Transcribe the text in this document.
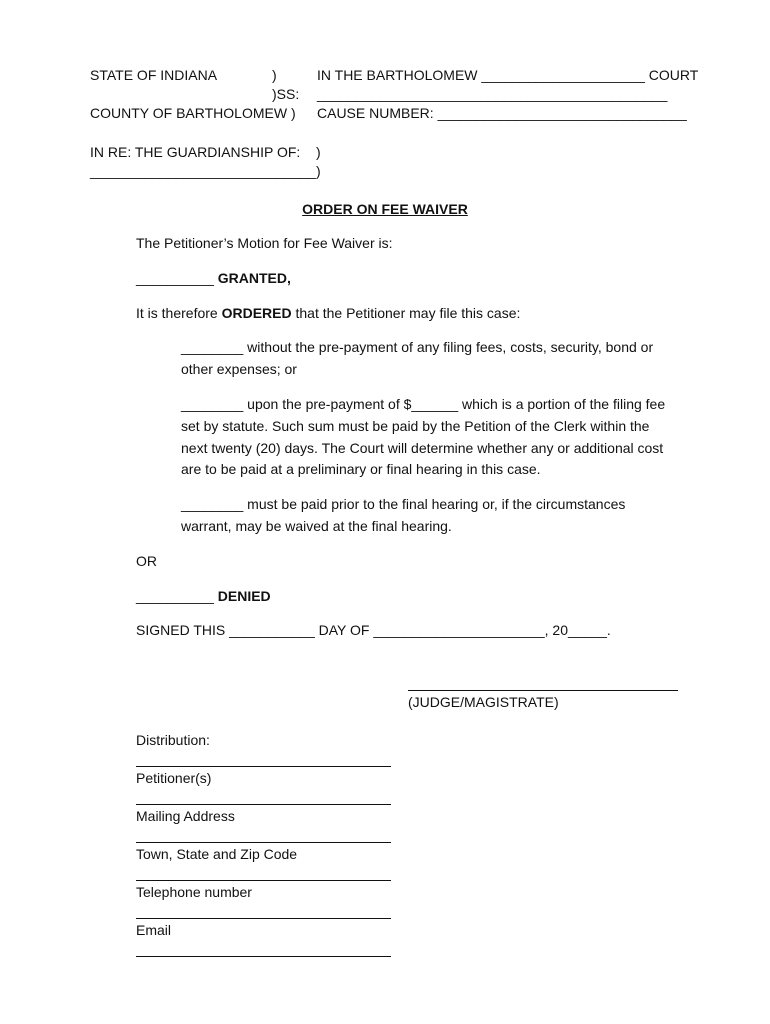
STATE OF INDIANA	)
)SS:
COUNTY OF BARTHOLOMEW )
IN THE BARTHOLOMEW _____________________ COURT
_____________________________________________
CAUSE NUMBER: ________________________________
IN RE: THE GUARDIANSHIP OF: )
_____________________________ )
ORDER ON FEE WAIVER
The Petitioner’s Motion for Fee Waiver is:
__________ GRANTED,
It is therefore ORDERED that the Petitioner may file this case:
________ without the pre-payment of any filing fees, costs, security, bond or
other expenses; or
________ upon the pre-payment of $______ which is a portion of the filing fee
set by statute. Such sum must be paid by the Petition of the Clerk within the
next twenty (20) days. The Court will determine whether any or additional cost
are to be paid at a preliminary or final hearing in this case.
________ must be paid prior to the final hearing or, if the circumstances
warrant, may be waived at the final hearing.
OR
__________ DENIED
SIGNED THIS ___________ DAY OF ______________________, 20_____.
(JUDGE/MAGISTRATE)
Distribution:
Petitioner(s)
Mailing Address
Town, State and Zip Code
Telephone number
Email
